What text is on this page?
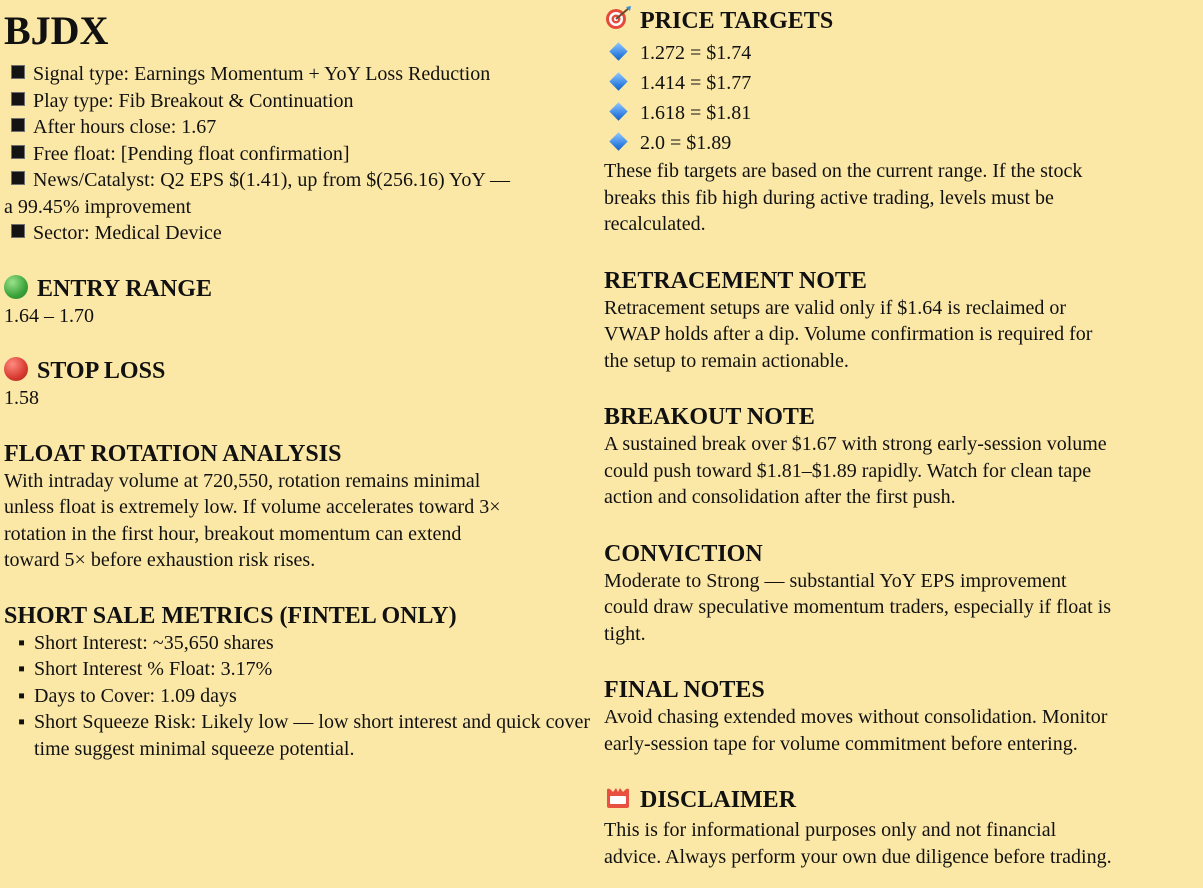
BJDX
Signal type: Earnings Momentum + YoY Loss Reduction
Play type: Fib Breakout & Continuation
After hours close: 1.67
Free float: [Pending float confirmation]
News/Catalyst: Q2 EPS $(1.41), up from $(256.16) YoY —
a 99.45% improvement
Sector: Medical Device
ENTRY RANGE
1.64 – 1.70
STOP LOSS
1.58
FLOAT ROTATION ANALYSIS
With intraday volume at 720,550, rotation remains minimal
unless float is extremely low. If volume accelerates toward 3×
rotation in the first hour, breakout momentum can extend
toward 5× before exhaustion risk rises.
SHORT SALE METRICS (FINTEL ONLY)
▪ Short Interest: ~35,650 shares
▪ Short Interest % Float: 3.17%
▪ Days to Cover: 1.09 days
▪ Short Squeeze Risk: Likely low — low short interest and quick cover time suggest minimal squeeze potential.
PRICE TARGETS
1.272 = $1.74
1.414 = $1.77
1.618 = $1.81
2.0 = $1.89
These fib targets are based on the current range. If the stock
breaks this fib high during active trading, levels must be
recalculated.
RETRACEMENT NOTE
Retracement setups are valid only if $1.64 is reclaimed or
VWAP holds after a dip. Volume confirmation is required for
the setup to remain actionable.
BREAKOUT NOTE
A sustained break over $1.67 with strong early-session volume
could push toward $1.81–$1.89 rapidly. Watch for clean tape
action and consolidation after the first push.
CONVICTION
Moderate to Strong — substantial YoY EPS improvement
could draw speculative momentum traders, especially if float is
tight.
FINAL NOTES
Avoid chasing extended moves without consolidation. Monitor
early-session tape for volume commitment before entering.
DISCLAIMER
This is for informational purposes only and not financial
advice. Always perform your own due diligence before trading.
